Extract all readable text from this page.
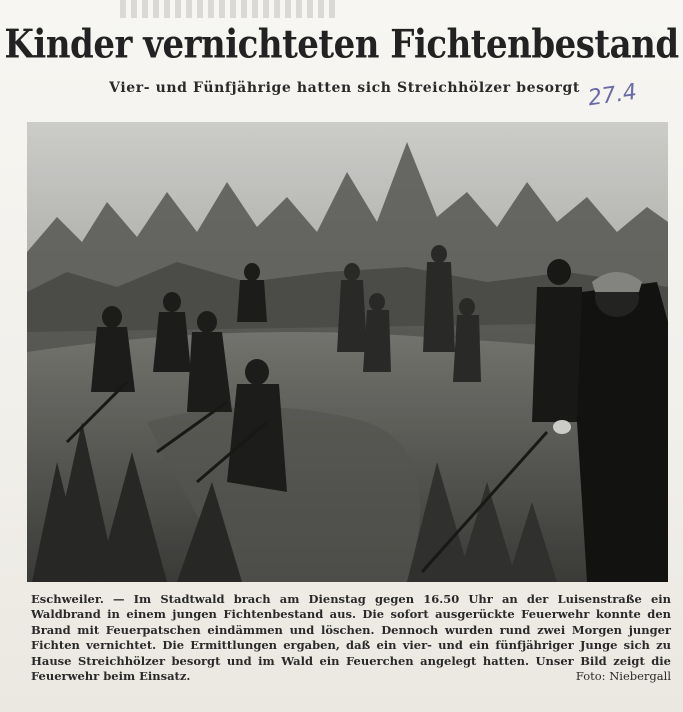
Kinder vernichteten Fichtenbestand
Vier- und Fünfjährige hatten sich Streichhölzer besorgt 27.4
Eschweiler. — Im Stadtwald brach am Dienstag gegen 16.50 Uhr an der Luisenstraße ein Waldbrand in einem jungen Fichtenbestand aus. Die sofort ausgerückte Feuerwehr konnte den Brand mit Feuerpatschen eindämmen und löschen. Dennoch wurden rund zwei Morgen junger Fichten vernichtet. Die Ermittlungen ergaben, daß ein vier- und ein fünfjähriger Junge sich zu Hause Streichhölzer besorgt und im Wald ein Feuerchen angelegt hatten. Unser Bild zeigt die Feuerwehr beim Einsatz.	Foto: Niebergall
